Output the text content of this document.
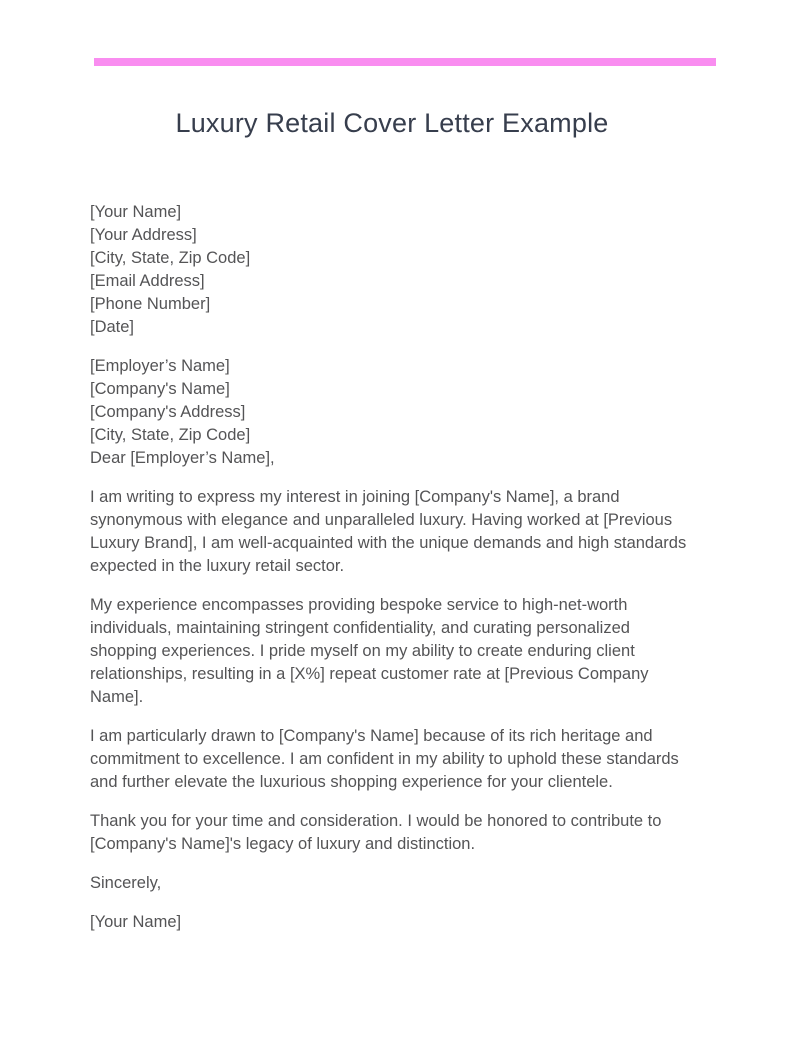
Luxury Retail Cover Letter Example
[Your Name]
[Your Address]
[City, State, Zip Code]
[Email Address]
[Phone Number]
[Date]
[Employer’s Name]
[Company's Name]
[Company's Address]
[City, State, Zip Code]
Dear [Employer’s Name],

I am writing to express my interest in joining [Company's Name], a brand synonymous with elegance and unparalleled luxury. Having worked at [Previous Luxury Brand], I am well-acquainted with the unique demands and high standards expected in the luxury retail sector.

My experience encompasses providing bespoke service to high-net-worth individuals, maintaining stringent confidentiality, and curating personalized shopping experiences. I pride myself on my ability to create enduring client relationships, resulting in a [X%] repeat customer rate at [Previous Company Name].

I am particularly drawn to [Company's Name] because of its rich heritage and commitment to excellence. I am confident in my ability to uphold these standards and further elevate the luxurious shopping experience for your clientele.

Thank you for your time and consideration. I would be honored to contribute to [Company's Name]'s legacy of luxury and distinction.

Sincerely,

[Your Name]
